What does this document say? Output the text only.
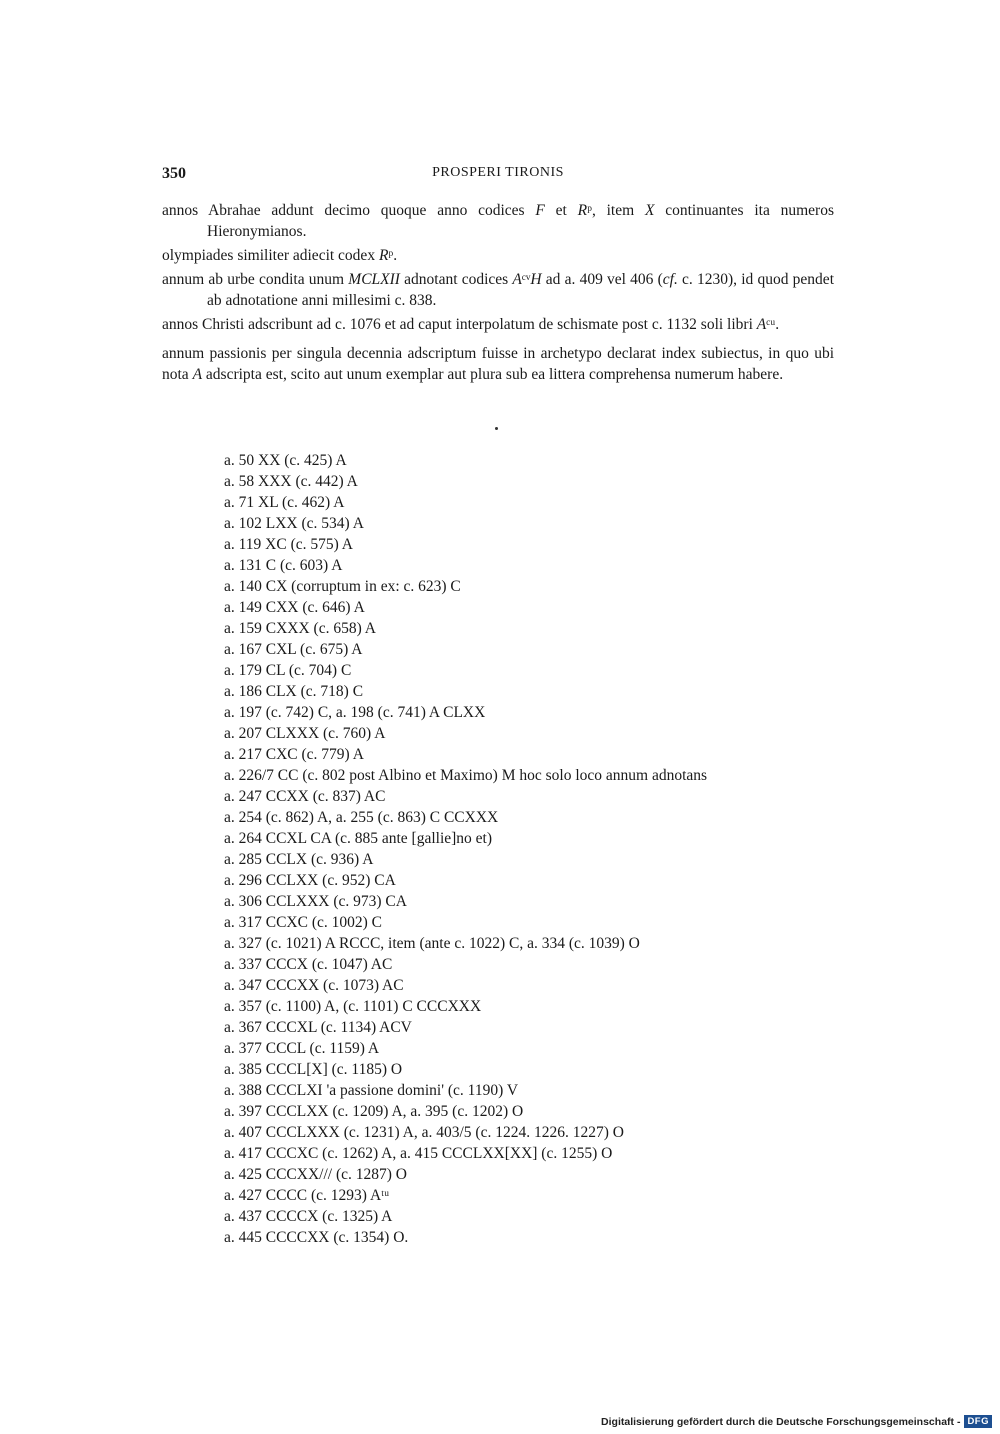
350	PROSPERI TIRONIS

annos Abrahae addunt decimo quoque anno codices F et Rᵖ, item X continuantes ita numeros Hieronymianos.

olympiades similiter adiecit codex Rᵖ.

annum ab urbe condita unum MCLXII adnotant codices AᶜᵛH ad a. 409 vel 406 (cf. c. 1230), id quod pendet ab adnotatione anni millesimi c. 838.

annos Christi adscribunt ad c. 1076 et ad caput interpolatum de schismate post c. 1132 soli libri Aᶜᵘ.

annum passionis per singula decennia adscriptum fuisse in archetypo declarat index subiectus, in quo ubi nota A adscripta est, scito aut unum exemplar aut plura sub ea littera comprehensa numerum habere.

a. 50 XX (c. 425) A
a. 58 XXX (c. 442) A
a. 71 XL (c. 462) A
a. 102 LXX (c. 534) A
a. 119 XC (c. 575) A
a. 131 C (c. 603) A
a. 140 CX (corruptum in ex: c. 623) C
a. 149 CXX (c. 646) A
a. 159 CXXX (c. 658) A
a. 167 CXL (c. 675) A
a. 179 CL (c. 704) C
a. 186 CLX (c. 718) C
a. 197 (c. 742) C, a. 198 (c. 741) A CLXX
a. 207 CLXXX (c. 760) A
a. 217 CXC (c. 779) A
a. 226/7 CC (c. 802 post Albino et Maximo) M hoc solo loco annum adnotans
a. 247 CCXX (c. 837) AC
a. 254 (c. 862) A, a. 255 (c. 863) C CCXXX
a. 264 CCXL CA (c. 885 ante [gallie]no et)
a. 285 CCLX (c. 936) A
a. 296 CCLXX (c. 952) CA
a. 306 CCLXXX (c. 973) CA
a. 317 CCXC (c. 1002) C
a. 327 (c. 1021) A RCCC, item (ante c. 1022) C, a. 334 (c. 1039) O
a. 337 CCCX (c. 1047) AC
a. 347 CCCXX (c. 1073) AC
a. 357 (c. 1100) A, (c. 1101) C CCCXXX
a. 367 CCCXL (c. 1134) ACV
a. 377 CCCL (c. 1159) A
a. 385 CCCL[X] (c. 1185) O
a. 388 CCCLXI 'a passione domini' (c. 1190) V
a. 397 CCCLXX (c. 1209) A, a. 395 (c. 1202) O
a. 407 CCCLXXX (c. 1231) A, a. 403/5 (c. 1224. 1226. 1227) O
a. 417 CCCXC (c. 1262) A, a. 415 CCCLXX[XX] (c. 1255) O
a. 425 CCCXX/// (c. 1287) O
a. 427 CCCC (c. 1293) Aᵗᵘ
a. 437 CCCCX (c. 1325) A
a. 445 CCCCXX (c. 1354) O.
Digitalisierung gefördert durch die Deutsche Forschungsgemeinschaft - DFG
